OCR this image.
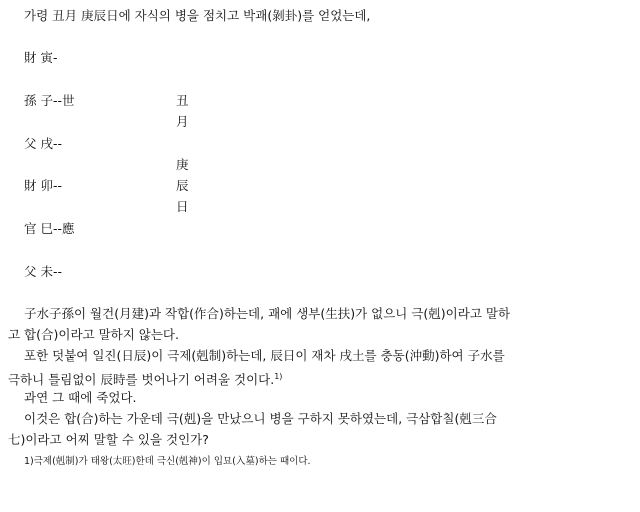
가령 丑月 庚辰日에 자식의 병을 점치고 박괘(剝卦)를 얻었는데,
財 寅-
孫 子--世
父 戌--
財 卯--
官 巳--應
父 未--
丑
月
庚
辰
日
子水子孫이 월건(月建)과 작합(作合)하는데, 괘에 생부(生扶)가 없으니 극(剋)이라고 말하
고 합(合)이라고 말하지 않는다.
포한 덧붙여 일진(日辰)이 극제(剋制)하는데, 辰日이 재차 戌土를 충동(沖動)하여 子水를
극하니 틀림없이 辰時를 벗어나기 어려울 것이다.$^{1)}$
과연 그 때에 죽었다.
이것은 합(合)하는 가운데 극(剋)을 만났으니 병을 구하지 못하였는데, 극삼합칠(剋三合
七)이라고 어찌 말할 수 있을 것인가?
1)극제(剋制)가 태왕(太旺)한데 극신(剋神)이 입묘(入墓)하는 때이다.
